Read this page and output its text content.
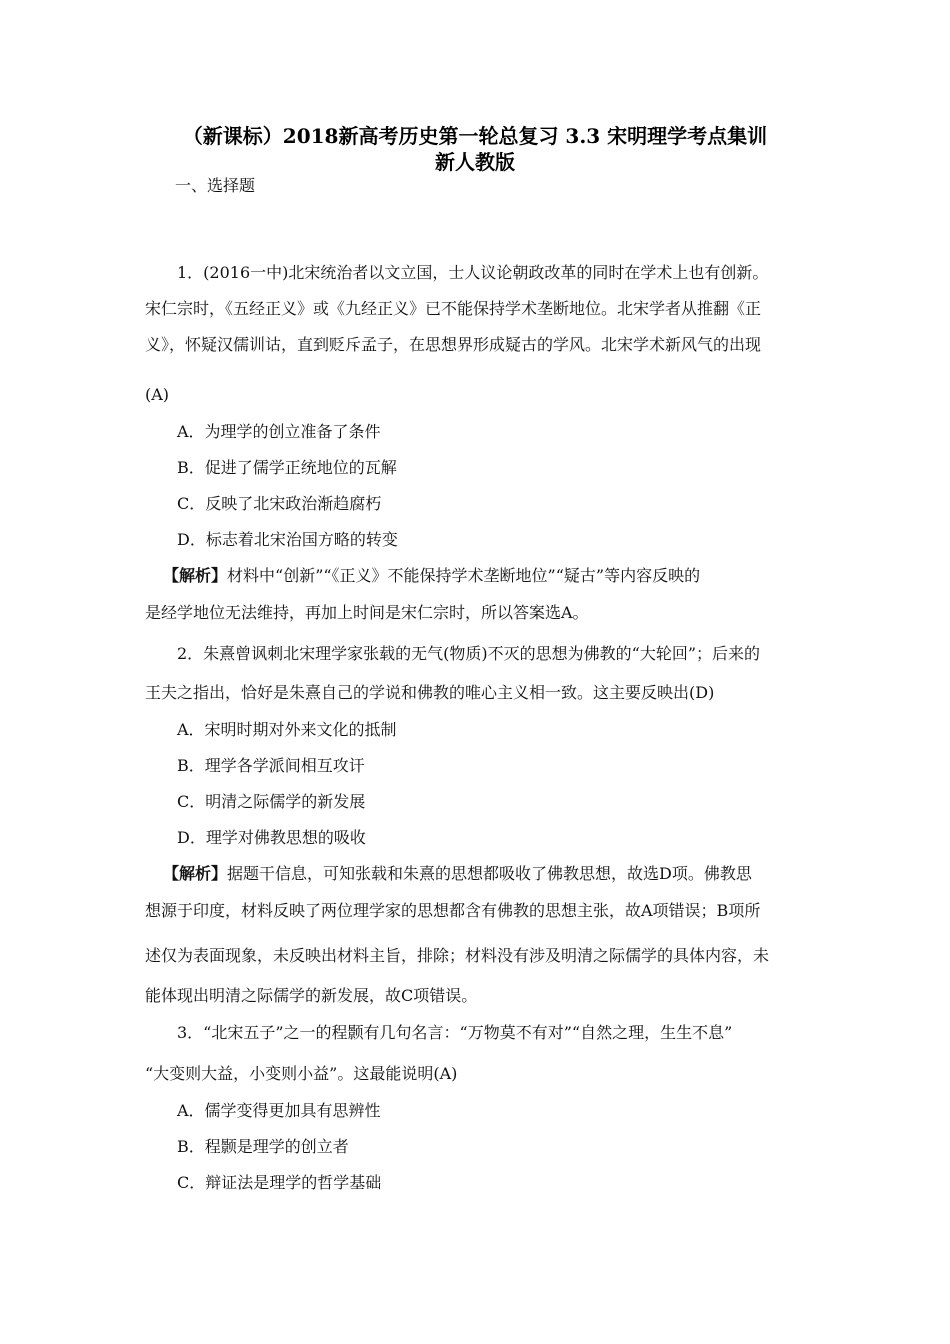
（新课标）2018新高考历史第一轮总复习 3.3 宋明理学考点集训
新人教版
一、选择题
1．(2016一中)北宋统治者以文立国，士人议论朝政改革的同时在学术上也有创新。
宋仁宗时，《五经正义》或《九经正义》已不能保持学术垄断地位。北宋学者从推翻《正
义》，怀疑汉儒训诂，直到贬斥孟子，在思想界形成疑古的学风。北宋学术新风气的出现
(A)
A．为理学的创立准备了条件
B．促进了儒学正统地位的瓦解
C．反映了北宋政治渐趋腐朽
D．标志着北宋治国方略的转变
【解析】材料中“创新”“《正义》不能保持学术垄断地位”“疑古”等内容反映的
是经学地位无法维持，再加上时间是宋仁宗时，所以答案选A。
2．朱熹曾讽刺北宋理学家张载的无气(物质)不灭的思想为佛教的“大轮回”；后来的
王夫之指出，恰好是朱熹自己的学说和佛教的唯心主义相一致。这主要反映出(D)
A．宋明时期对外来文化的抵制
B．理学各学派间相互攻讦
C．明清之际儒学的新发展
D．理学对佛教思想的吸收
【解析】据题干信息，可知张载和朱熹的思想都吸收了佛教思想，故选D项。佛教思
想源于印度，材料反映了两位理学家的思想都含有佛教的思想主张，故A项错误；B项所
述仅为表面现象，未反映出材料主旨，排除；材料没有涉及明清之际儒学的具体内容，未
能体现出明清之际儒学的新发展，故C项错误。
3．“北宋五子”之一的程颢有几句名言：“万物莫不有对”“自然之理，生生不息”
“大变则大益，小变则小益”。这最能说明(A)
A．儒学变得更加具有思辨性
B．程颢是理学的创立者
C．辩证法是理学的哲学基础
